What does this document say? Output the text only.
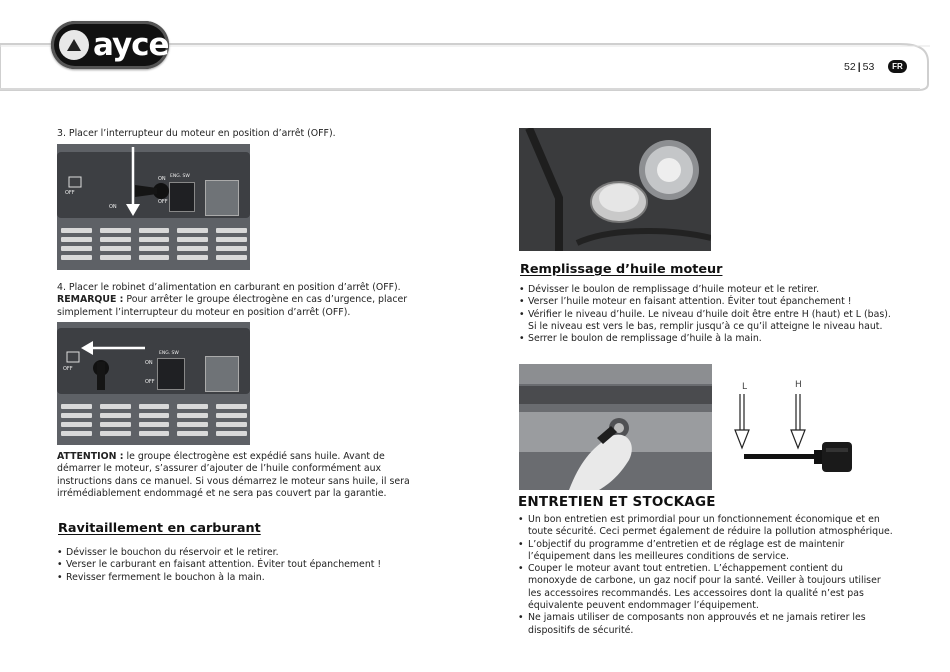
ayce
52 | 53	FR
3. Placer l’interrupteur du moteur en position d’arrêt (OFF).
OFF
ON
ON
OFF
ENG. SW
4. Placer le robinet d’alimentation en carburant en position d’arrêt (OFF).
REMARQUE : Pour arrêter le groupe électrogène en cas d’urgence, placer simplement l’interrupteur du moteur en position d’arrêt (OFF).
OFF
ON
OFF
ENG. SW
ATTENTION : le groupe électrogène est expédié sans huile. Avant de démarrer le moteur, s’assurer d’ajouter de l’huile conformément aux instructions dans ce manuel. Si vous démarrez le moteur sans huile, il sera irrémédiablement endommagé et ne sera pas couvert par la garantie.
Ravitaillement en carburant
• Dévisser le bouchon du réservoir et le retirer.
• Verser le carburant en faisant attention. Éviter tout épanchement !
• Revisser fermement le bouchon à la main.
Remplissage d’huile moteur
• Dévisser le boulon de remplissage d’huile moteur et le retirer.
• Verser l’huile moteur en faisant attention. Éviter tout épanchement !
• Vérifier le niveau d’huile. Le niveau d’huile doit être entre H (haut) et L (bas). Si le niveau est vers le bas, remplir jusqu’à ce qu’il atteigne le niveau haut.
• Serrer le boulon de remplissage d’huile à la main.
L	H
ENTRETIEN ET STOCKAGE
• Un bon entretien est primordial pour un fonctionnement économique et en toute sécurité. Ceci permet également de réduire la pollution atmosphérique.
• L’objectif du programme d’entretien et de réglage est de maintenir l’équipement dans les meilleures conditions de service.
• Couper le moteur avant tout entretien. L’échappement contient du monoxyde de carbone, un gaz nocif pour la santé. Veiller à toujours utiliser les accessoires recommandés. Les accessoires dont la qualité n’est pas équivalente peuvent endommager l’équipement.
• Ne jamais utiliser de composants non approuvés et ne jamais retirer les dispositifs de sécurité.
